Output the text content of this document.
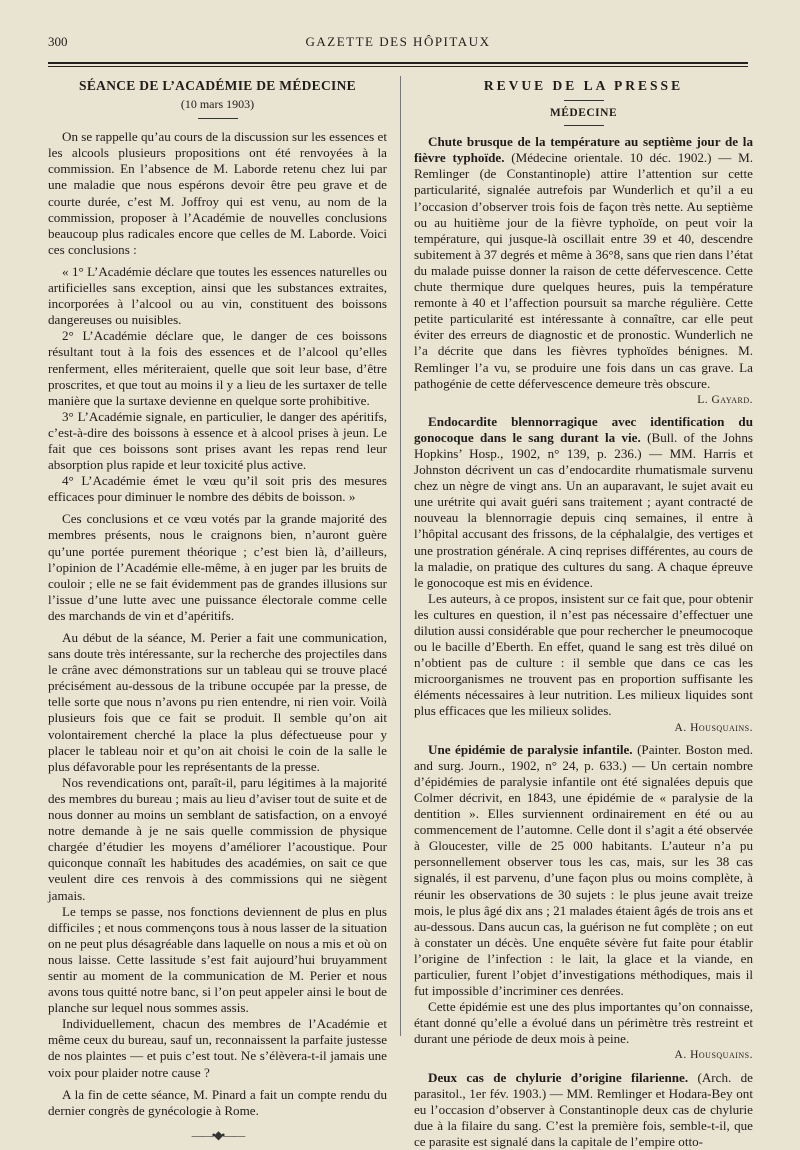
300	GAZETTE DES HÔPITAUX
SÉANCE DE L’ACADÉMIE DE MÉDECINE
(10 mars 1903)

On se rappelle qu’au cours de la discussion sur les essences et les alcools plusieurs propositions ont été renvoyées à la commission. En l’absence de M. Laborde retenu chez lui par une maladie que nous espérons devoir être peu grave et de courte durée, c’est M. Joffroy qui est venu, au nom de la commission, proposer à l’Académie de nouvelles conclusions beaucoup plus radicales encore que celles de M. Laborde. Voici ces conclusions :

« 1° L’Académie déclare que toutes les essences naturelles ou artificielles sans exception, ainsi que les substances extraites, incorporées à l’alcool ou au vin, constituent des boissons dangereuses ou nuisibles.

2° L’Académie déclare que, le danger de ces boissons résultant tout à la fois des essences et de l’alcool qu’elles renferment, elles mériteraient, quelle que soit leur base, d’être proscrites, et que tout au moins il y a lieu de les surtaxer de telle manière que la surtaxe devienne en quelque sorte prohibitive.

3° L’Académie signale, en particulier, le danger des apéritifs, c’est-à-dire des boissons à essence et à alcool prises à jeun. Le fait que ces boissons sont prises avant les repas rend leur absorption plus rapide et leur toxicité plus active.

4° L’Académie émet le vœu qu’il soit pris des mesures efficaces pour diminuer le nombre des débits de boisson. »

Ces conclusions et ce vœu votés par la grande majorité des membres présents, nous le craignons bien, n’auront guère qu’une portée purement théorique ; c’est bien là, d’ailleurs, l’opinion de l’Académie elle-même, à en juger par les bruits de couloir ; elle ne se fait évidemment pas de grandes illusions sur l’issue d’une lutte avec une puissance électorale comme celle des marchands de vin et d’apéritifs.

Au début de la séance, M. Perier a fait une communication, sans doute très intéressante, sur la recherche des projectiles dans le crâne avec démonstrations sur un tableau qui se trouve placé précisément au-dessous de la tribune occupée par la presse, de telle sorte que nous n’avons pu rien entendre, ni rien voir. Voilà plusieurs fois que ce fait se produit. Il semble qu’on ait volontairement cherché la place la plus défectueuse pour y placer le tableau noir et qu’on ait choisi le coin de la salle le plus défavorable pour les représentants de la presse.

Nos revendications ont, paraît-il, paru légitimes à la majorité des membres du bureau ; mais au lieu d’aviser tout de suite et de nous donner au moins un semblant de satisfaction, on a envoyé notre demande à je ne sais quelle commission de physique chargée d’étudier les moyens d’améliorer l’acoustique. Pour quiconque connaît les habitudes des académies, on sait ce que veulent dire ces renvois à des commissions qui ne siègent jamais.

Le temps se passe, nos fonctions deviennent de plus en plus difficiles ; et nous commençons tous à nous lasser de la situation on ne peut plus désagréable dans laquelle on nous a mis et où on nous laisse. Cette lassitude s’est fait aujourd’hui bruyamment sentir au moment de la communication de M. Perier et nous avons tous quitté notre banc, si l’on peut appeler ainsi le bout de planche sur lequel nous sommes assis.

Individuellement, chacun des membres de l’Académie et même ceux du bureau, sauf un, reconnaissent la parfaite justesse de nos plaintes — et puis c’est tout. Ne s’élèvera-t-il jamais une voix pour plaider notre cause ?

A la fin de cette séance, M. Pinard a fait un compte rendu du dernier congrès de gynécologie à Rome.

——•◆•——
REVUE DE LA PRESSE
MÉDECINE

Chute brusque de la température au septième jour de la fièvre typhoïde. (Médecine orientale. 10 déc. 1902.) — M. Remlinger (de Constantinople) attire l’attention sur cette particularité, signalée autrefois par Wunderlich et qu’il a eu l’occasion d’observer trois fois de façon très nette. Au septième ou au huitième jour de la fièvre typhoïde, on peut voir la température, qui jusque-là oscillait entre 39 et 40, descendre subitement à 37 degrés et même à 36°8, sans que rien dans l’état du malade puisse donner la raison de cette défervescence. Cette chute thermique dure quelques heures, puis la température remonte à 40 et l’affection poursuit sa marche régulière. Cette petite particularité est intéressante à connaître, car elle peut éviter des erreurs de diagnostic et de pronostic. Wunderlich ne l’a décrite que dans les fièvres typhoïdes bénignes. M. Remlinger l’a vu, se produire une fois dans un cas grave. La pathogénie de cette défervescence demeure très obscure.

L. Gayard.

Endocardite blennorragique avec identification du gonocoque dans le sang durant la vie. (Bull. of the Johns Hopkins’ Hosp., 1902, n° 139, p. 236.) — MM. Harris et Johnston décrivent un cas d’endocardite rhumatismale survenu chez un nègre de vingt ans. Un an auparavant, le sujet avait eu une urétrite qui avait guéri sans traitement ; ayant contracté de nouveau la blennorragie depuis cinq semaines, il entre à l’hôpital accusant des frissons, de la céphalalgie, des vertiges et une prostration générale. A cinq reprises différentes, au cours de la maladie, on pratique des cultures du sang. A chaque épreuve le gonocoque est mis en évidence.

Les auteurs, à ce propos, insistent sur ce fait que, pour obtenir les cultures en question, il n’est pas nécessaire d’effectuer une dilution aussi considérable que pour rechercher le pneumocoque ou le bacille d’Eberth. En effet, quand le sang est très dilué on n’obtient pas de culture : il semble que dans ce cas les microorganismes ne trouvent pas en proportion suffisante les éléments nécessaires à leur nutrition. Les milieux liquides sont plus efficaces que les milieux solides.

A. Housquains.

Une épidémie de paralysie infantile. (Painter. Boston med. and surg. Journ., 1902, n° 24, p. 633.) — Un certain nombre d’épidémies de paralysie infantile ont été signalées depuis que Colmer décrivit, en 1843, une épidémie de « paralysie de la dentition ». Elles surviennent ordinairement en été ou au commencement de l’automne. Celle dont il s’agit a été observée à Gloucester, ville de 25 000 habitants. L’auteur n’a pu personnellement observer tous les cas, mais, sur les 38 cas signalés, il est parvenu, d’une façon plus ou moins complète, à réunir les observations de 30 sujets : le plus jeune avait treize mois, le plus âgé dix ans ; 21 malades étaient âgés de trois ans et au-dessous. Dans aucun cas, la guérison ne fut complète ; on eut à constater un décès. Une enquête sévère fut faite pour établir l’origine de l’infection : le lait, la glace et la viande, en particulier, furent l’objet d’investigations méthodiques, mais il fut impossible d’incriminer ces denrées.

Cette épidémie est une des plus importantes qu’on connaisse, étant donné qu’elle a évolué dans un périmètre très restreint et durant une période de deux mois à peine.

A. Housquains.

Deux cas de chylurie d’origine filarienne. (Arch. de parasitol., 1er fév. 1903.) — MM. Remlinger et Hodara-Bey ont eu l’occasion d’observer à Constantinople deux cas de chylurie due à la filaire du sang. C’est la première fois, semble-t-il, que ce parasite est signalé dans la capitale de l’empire otto-
